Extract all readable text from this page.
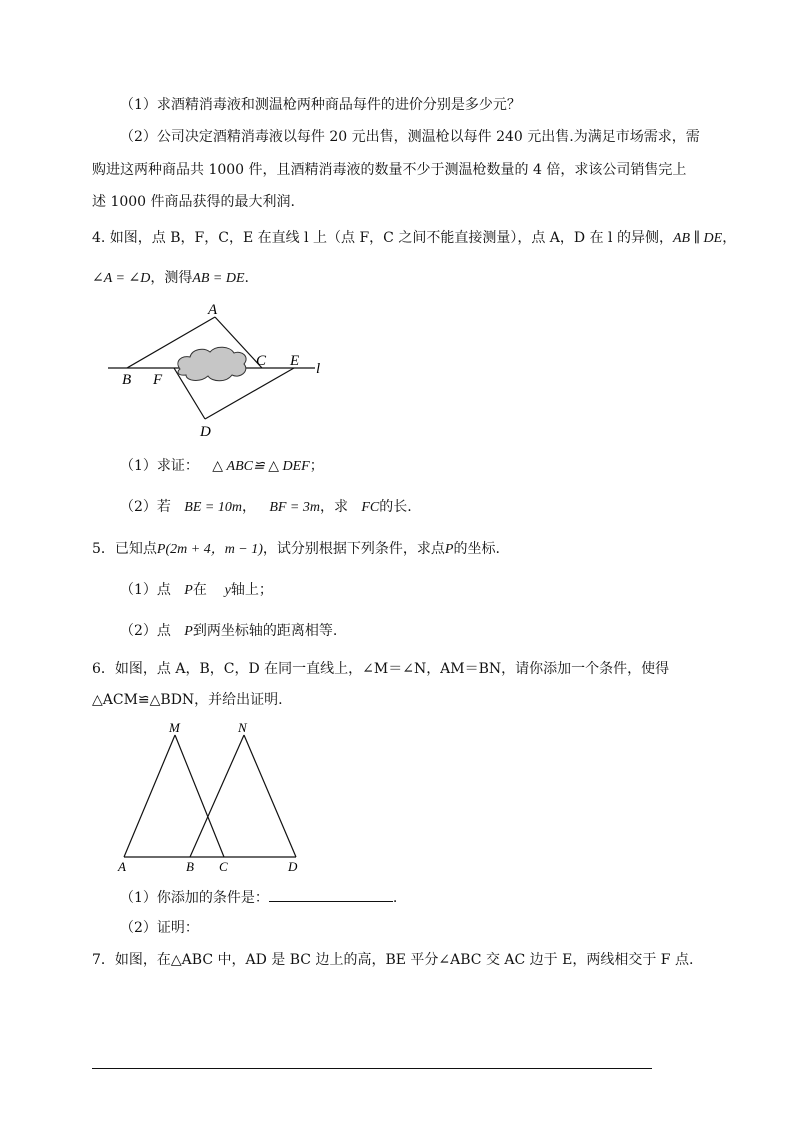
（1）求酒精消毒液和测温枪两种商品每件的进价分别是多少元？
（2）公司决定酒精消毒液以每件 20 元出售，测温枪以每件 240 元出售.为满足市场需求，需
购进这两种商品共 1000 件，且酒精消毒液的数量不少于测温枪数量的 4 倍，求该公司销售完上
述 1000 件商品获得的最大利润.
4. 如图，点 B，F，C，E 在直线 l 上（点 F，C 之间不能直接测量），点 A，D 在 l 的异侧，AB ∥ DE，
∠A = ∠D，测得AB = DE.
A
B F
C E
D
l
（1）求证： △ ABC≌ △ DEF；
（2）若 BE = 10m， BF = 3m，求 FC的长.
5．已知点P(2m + 4，m − 1)，试分别根据下列条件，求点P的坐标.
（1）点 P在 y轴上；
（2）点 P到两坐标轴的距离相等.
6．如图，点 A，B，C，D 在同一直线上，∠M＝∠N，AM＝BN，请你添加一个条件，使得
△ACM≌△BDN，并给出证明.
M	N
A	B C	D
（1）你添加的条件是：	.
（2）证明：
7．如图，在△ABC 中，AD 是 BC 边上的高，BE 平分∠ABC 交 AC 边于 E，两线相交于 F 点.
